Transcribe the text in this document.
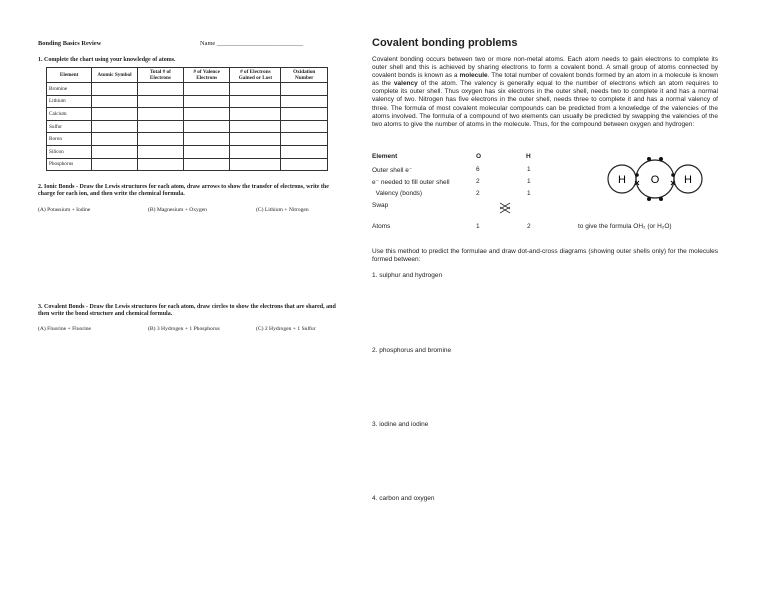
Bonding Basics Review	Name ___________________________
1. Complete the chart using your knowledge of atoms.
Element	Atomic Symbol	Total # of Electrons	# of Valence Electrons	# of Electrons Gained or Lost	Oxidation Number
Bromine					
Lithium					
Calcium					
Sulfur					
Boron					
Silicon					
Phosphorus					
2. Ionic Bonds - Draw the Lewis structures for each atom, draw arrows to show the transfer of electrons, write the charge for each ion, and then write the chemical formula.
(A) Potassium + Iodine	(B) Magnesium + Oxygen	(C) Lithium + Nitrogen
3. Covalent Bonds - Draw the Lewis structures for each atom, draw circles to show the electrons that are shared, and then write the bond structure and chemical formula.
(A) Fluorine + Fluorine	(B) 3 Hydrogen + 1 Phosphorus	(C) 2 Hydrogen + 1 Sulfur
Covalent bonding problems
Covalent bonding occurs between two or more non-metal atoms. Each atom needs to gain electrons to complete its outer shell and this is achieved by sharing electrons to form a covalent bond. A small group of atoms connected by covalent bonds is known as a molecule. The total number of covalent bonds formed by an atom in a molecule is known as the valency of the atom. The valency is generally equal to the number of electrons which an atom requires to complete its outer shell. Thus oxygen has six electrons in the outer shell, needs two to complete it and has a normal valency of two. Nitrogen has five electrons in the outer shell, needs three to complete it and has a normal valency of three. The formula of most covalent molecular compounds can be predicted from a knowledge of the valencies of the atoms involved. The formula of a compound of two elements can usually be predicted by swapping the valencies of the two atoms to give the number of atoms in the molecule. Thus, for the compound between oxygen and hydrogen:
Element	O	H
Outer shell e⁻	6	1
e⁻ needed to fill outer shell	2	1
Valency (bonds)	2	1
Swap
Atoms	1	2	to give the formula OH₂ (or H₂O)
H O H
Use this method to predict the formulae and draw dot-and-cross diagrams (showing outer shells only) for the molecules formed between:
1. sulphur and hydrogen
2. phosphorus and bromine
3. iodine and iodine
4. carbon and oxygen
